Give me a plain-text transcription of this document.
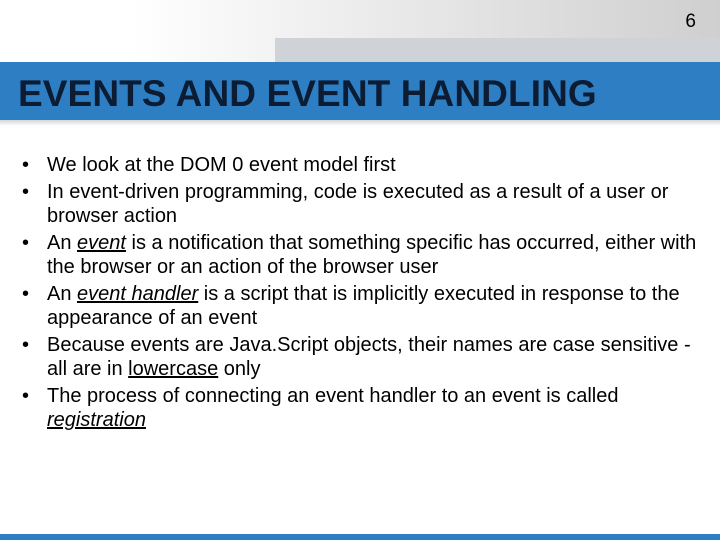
6
EVENTS AND EVENT HANDLING
• We look at the DOM 0 event model first
• In event-driven programming, code is executed as a result of a user or browser action
• An event is a notification that something specific has occurred, either with the browser or an action of the browser user
• An event handler is a script that is implicitly executed in response to the appearance of an event
• Because events are Java.Script objects, their names are case sensitive - all are in lowercase only
• The process of connecting an event handler to an event is called registration
